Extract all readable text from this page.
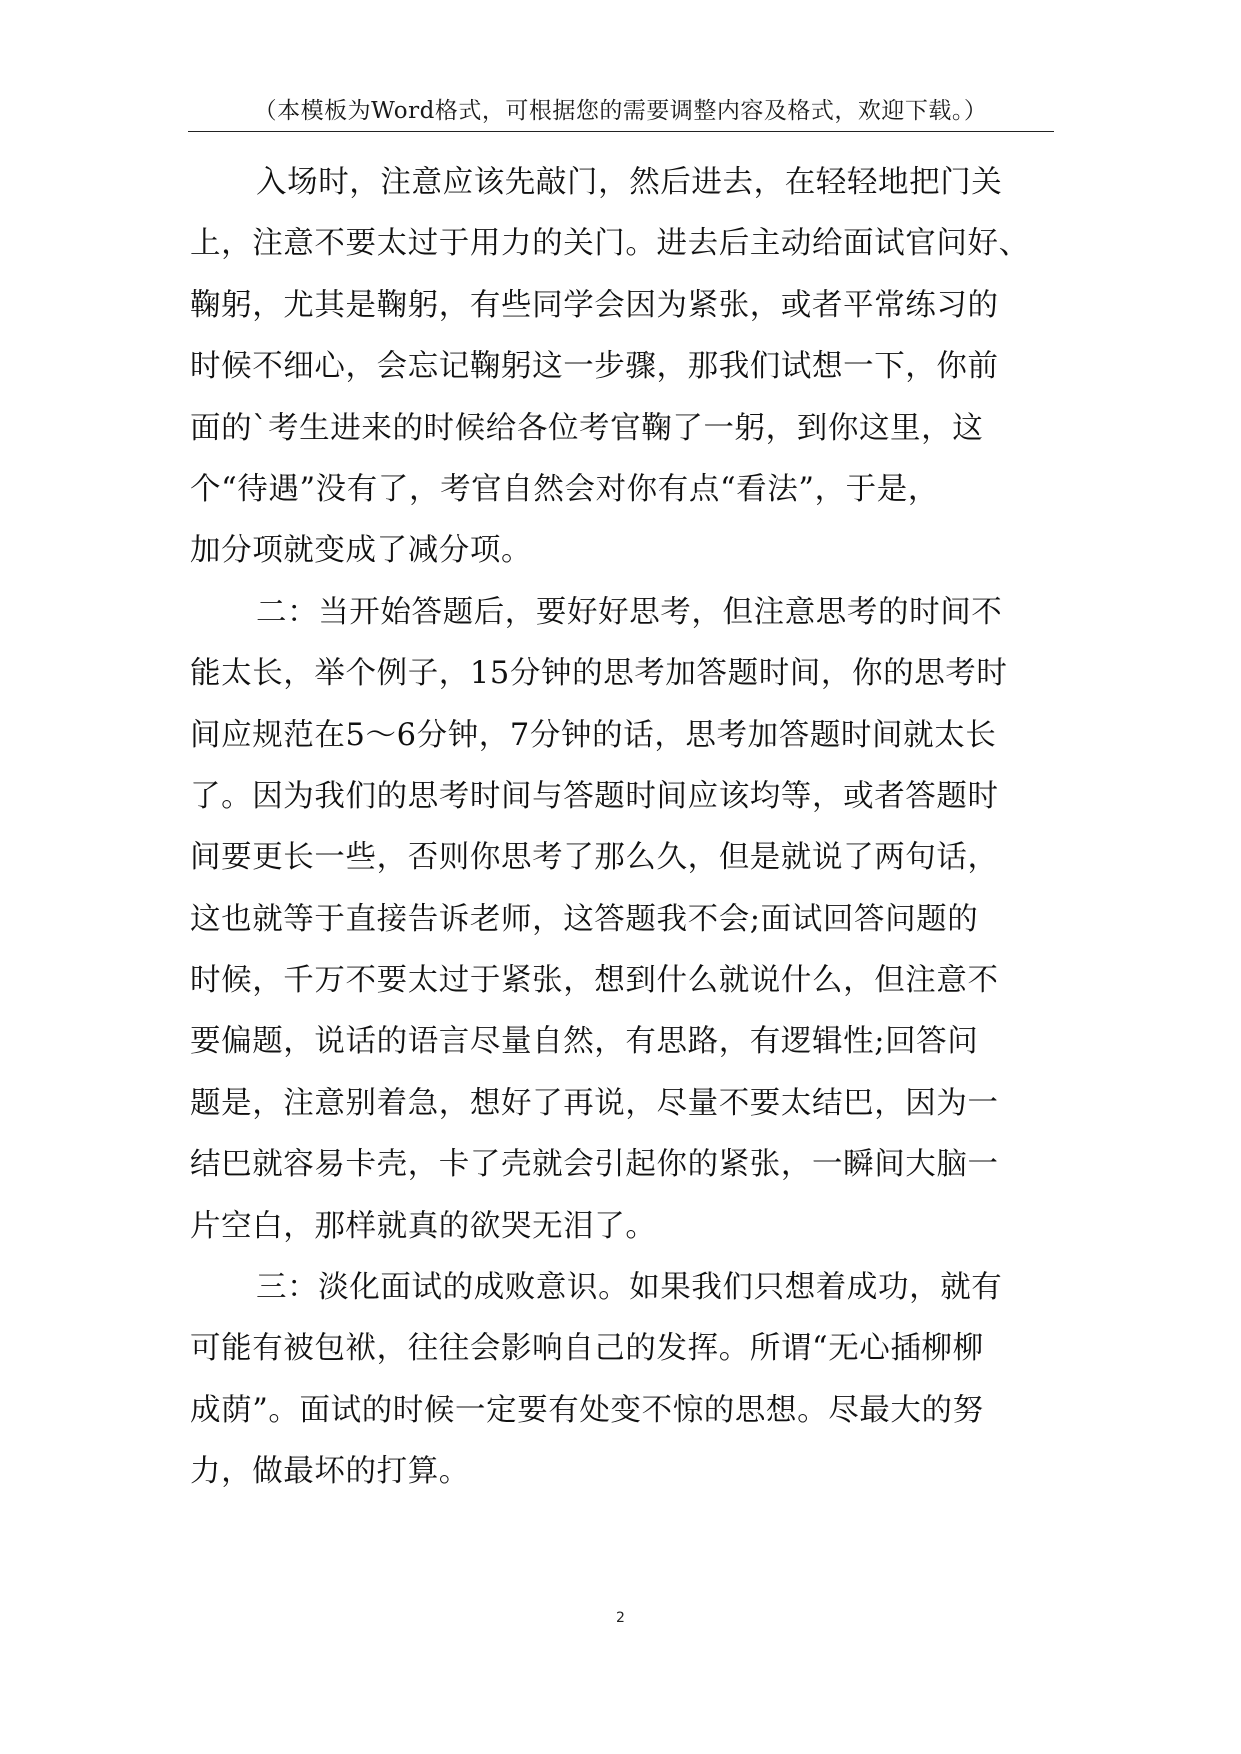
（本模板为Word格式，可根据您的需要调整内容及格式，欢迎下载。）
入场时，注意应该先敲门，然后进去，在轻轻地把门关
上，注意不要太过于用力的关门。进去后主动给面试官问好、
鞠躬，尤其是鞠躬，有些同学会因为紧张，或者平常练习的
时候不细心，会忘记鞠躬这一步骤，那我们试想一下，你前
面的`考生进来的时候给各位考官鞠了一躬，到你这里，这
个“待遇”没有了，考官自然会对你有点“看法”，于是，
加分项就变成了减分项。
二：当开始答题后，要好好思考，但注意思考的时间不
能太长，举个例子，15分钟的思考加答题时间，你的思考时
间应规范在5～6分钟，7分钟的话，思考加答题时间就太长
了。因为我们的思考时间与答题时间应该均等，或者答题时
间要更长一些，否则你思考了那么久，但是就说了两句话，
这也就等于直接告诉老师，这答题我不会;面试回答问题的
时候，千万不要太过于紧张，想到什么就说什么，但注意不
要偏题，说话的语言尽量自然，有思路，有逻辑性;回答问
题是，注意别着急，想好了再说，尽量不要太结巴，因为一
结巴就容易卡壳，卡了壳就会引起你的紧张，一瞬间大脑一
片空白，那样就真的欲哭无泪了。
三：淡化面试的成败意识。如果我们只想着成功，就有
可能有被包袱，往往会影响自己的发挥。所谓“无心插柳柳
成荫”。面试的时候一定要有处变不惊的思想。尽最大的努
力，做最坏的打算。
2
